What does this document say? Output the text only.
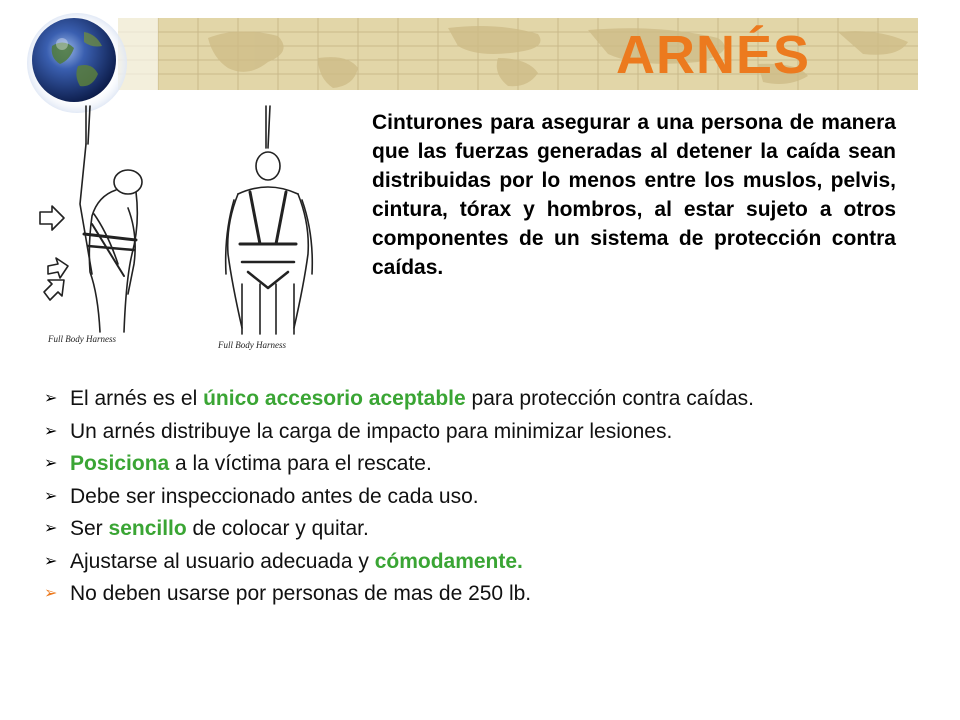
ARNÉS
Full Body Harness
Full Body Harness
Cinturones para asegurar a una persona de manera que las fuerzas generadas al detener la caída sean distribuidas por lo menos entre los muslos, pelvis, cintura, tórax y hombros, al estar sujeto a otros componentes de un sistema de protección contra caídas.
➢ El arnés es el único accesorio aceptable para protección contra caídas.
➢ Un arnés distribuye la carga de impacto para minimizar lesiones.
➢ Posiciona a la víctima para el rescate.
➢ Debe ser inspeccionado antes de cada uso.
➢ Ser sencillo de colocar y quitar.
➢ Ajustarse al usuario adecuada y cómodamente.
➢ No deben usarse por personas de mas de 250 lb.
